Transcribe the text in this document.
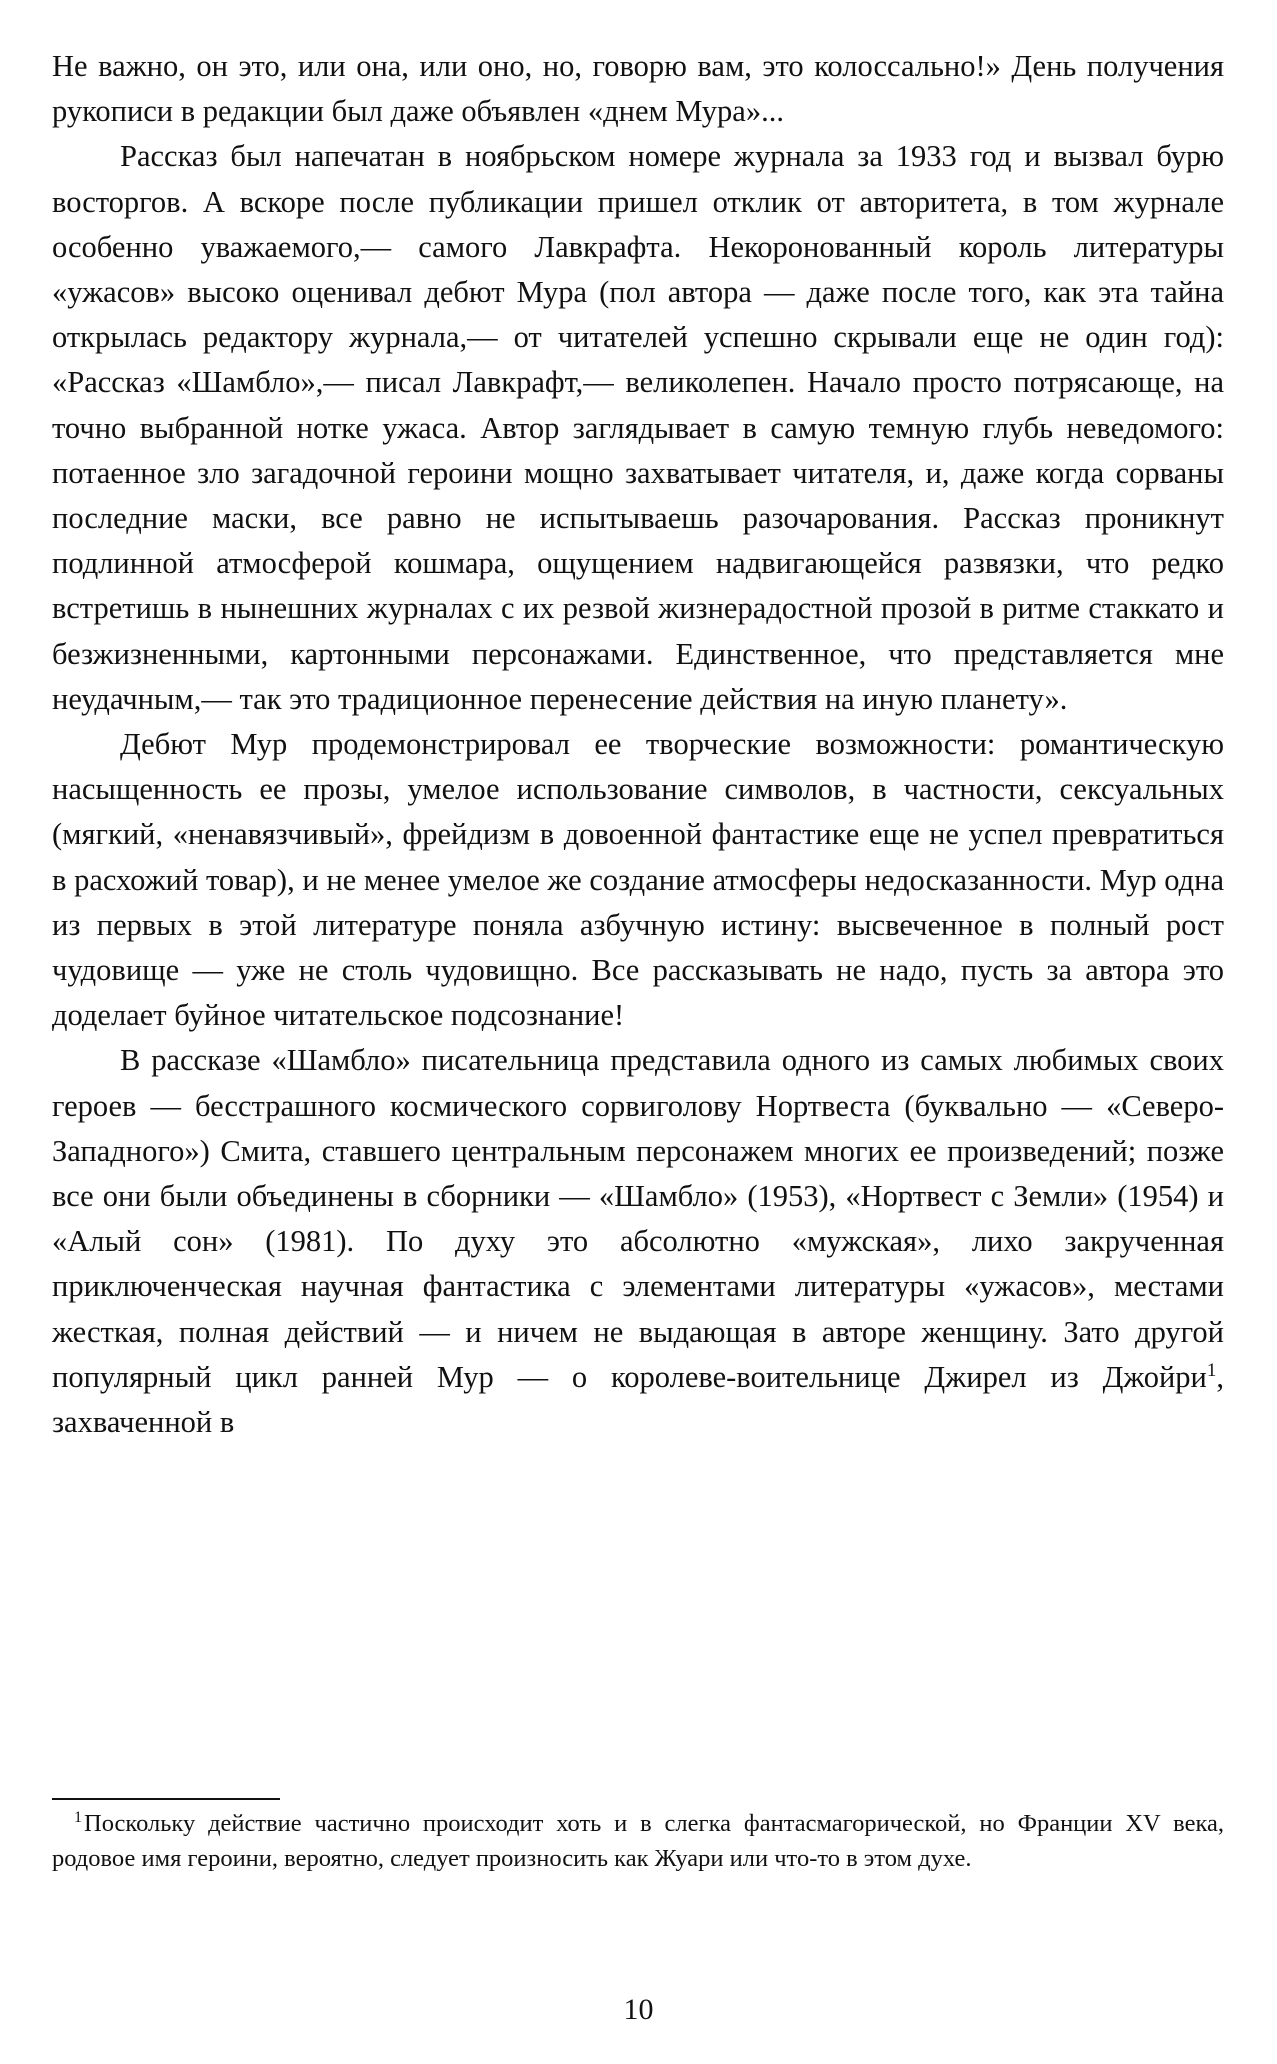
Не важно, он это, или она, или оно, но, говорю вам, это колоссально!» День получения рукописи в редакции был даже объявлен «днем Мура»...

Рассказ был напечатан в ноябрьском номере журнала за 1933 год и вызвал бурю восторгов. А вскоре после публикации пришел отклик от авторитета, в том журнале особенно уважаемого,— самого Лавкрафта. Некоронованный король литературы «ужасов» высоко оценивал дебют Мура (пол автора — даже после того, как эта тайна открылась редактору журнала,— от читателей успешно скрывали еще не один год): «Рассказ «Шамбло»,— писал Лавкрафт,— великолепен. Начало просто потрясающе, на точно выбранной нотке ужаса. Автор заглядывает в самую темную глубь неведомого: потаенное зло загадочной героини мощно захватывает читателя, и, даже когда сорваны последние маски, все равно не испытываешь разочарования. Рассказ проникнут подлинной атмосферой кошмара, ощущением надвигающейся развязки, что редко встретишь в нынешних журналах с их резвой жизнерадостной прозой в ритме стаккато и безжизненными, картонными персонажами. Единственное, что представляется мне неудачным,— так это традиционное перенесение действия на иную планету».

Дебют Мур продемонстрировал ее творческие возможности: романтическую насыщенность ее прозы, умелое использование символов, в частности, сексуальных (мягкий, «ненавязчивый», фрейдизм в довоенной фантастике еще не успел превратиться в расхожий товар), и не менее умелое же создание атмосферы недосказанности. Мур одна из первых в этой литературе поняла азбучную истину: высвеченное в полный рост чудовище — уже не столь чудовищно. Все рассказывать не надо, пусть за автора это доделает буйное читательское подсознание!

В рассказе «Шамбло» писательница представила одного из самых любимых своих героев — бесстрашного космического сорвиголову Нортвеста (буквально — «Северо-Западного») Смита, ставшего центральным персонажем многих ее произведений; позже все они были объединены в сборники — «Шамбло» (1953), «Нортвест с Земли» (1954) и «Алый сон» (1981). По духу это абсолютно «мужская», лихо закрученная приключенческая научная фантастика с элементами литературы «ужасов», местами жесткая, полная действий — и ничем не выдающая в авторе женщину. Зато другой популярный цикл ранней Мур — о королеве-воительнице Джирел из Джойри$^1$, захваченной в

$^1$Поскольку действие частично происходит хоть и в слегка фантасмагорической, но Франции XV века, родовое имя героини, вероятно, следует произносить как Жуари или что-то в этом духе.

10
